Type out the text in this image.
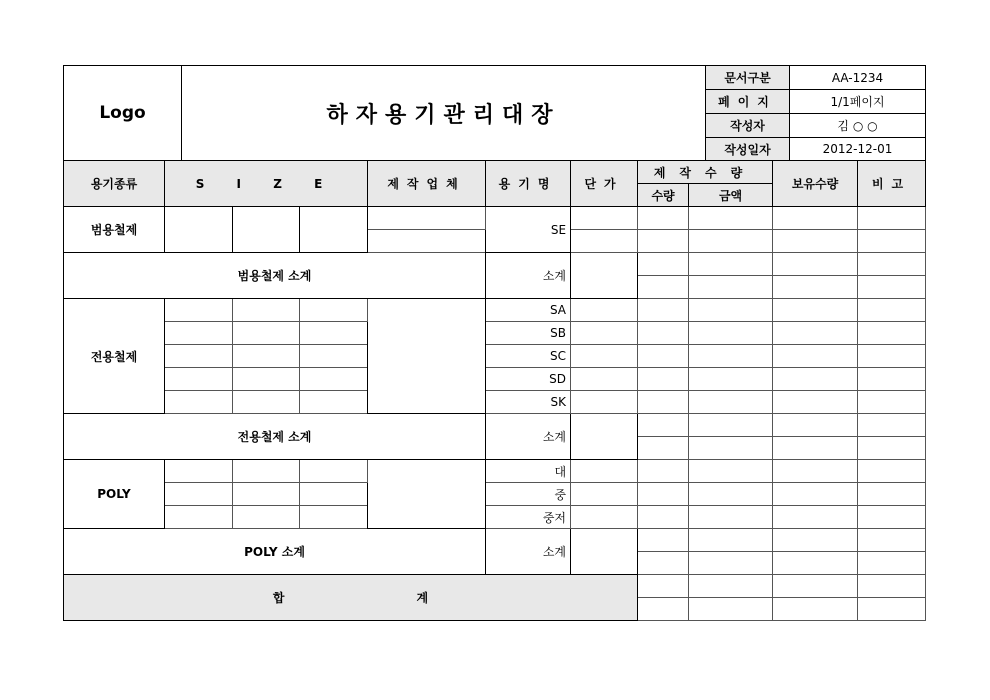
Logo	하자용기관리대장	문서구분	AA-1234
		페이지	1/1페이지
		작성자	김 ○ ○
		작성일자	2012-12-01
용기종류	S I Z E			제작업체	용기명	단가	제작수량		보유수량	비고
							수량	금액		
범용철제					SE					

범용철제 소계					소계					

전용철제					SA					
					SB					
					SC					
					SD					
					SK					
전용철제 소계					소계					

POLY					대					
					중					
					중저					
POLY 소계					소계					

합 계										
